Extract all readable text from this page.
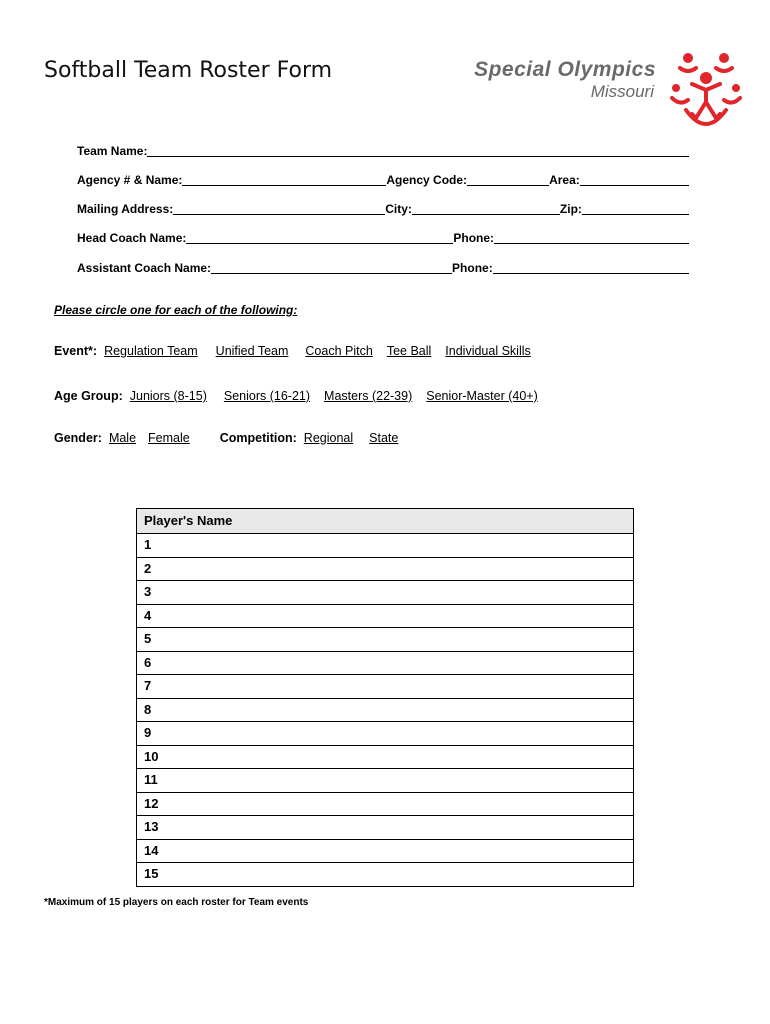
Softball Team Roster Form	Special Olympics
Missouri
Team Name:
Agency # & Name:	Agency Code:	Area:
Mailing Address:	City:	Zip:
Head Coach Name:	Phone:
Assistant Coach Name:	Phone:
Please circle one for each of the following:
Event*: Regulation Team Unified Team Coach Pitch Tee Ball Individual Skills
Age Group: Juniors (8-15) Seniors (16-21) Masters (22-39) Senior-Master (40+)
Gender: Male Female Competition: Regional State
Player's Name
1
2
3
4
5
6
7
8
9
10
11
12
13
14
15
*Maximum of 15 players on each roster for Team events
